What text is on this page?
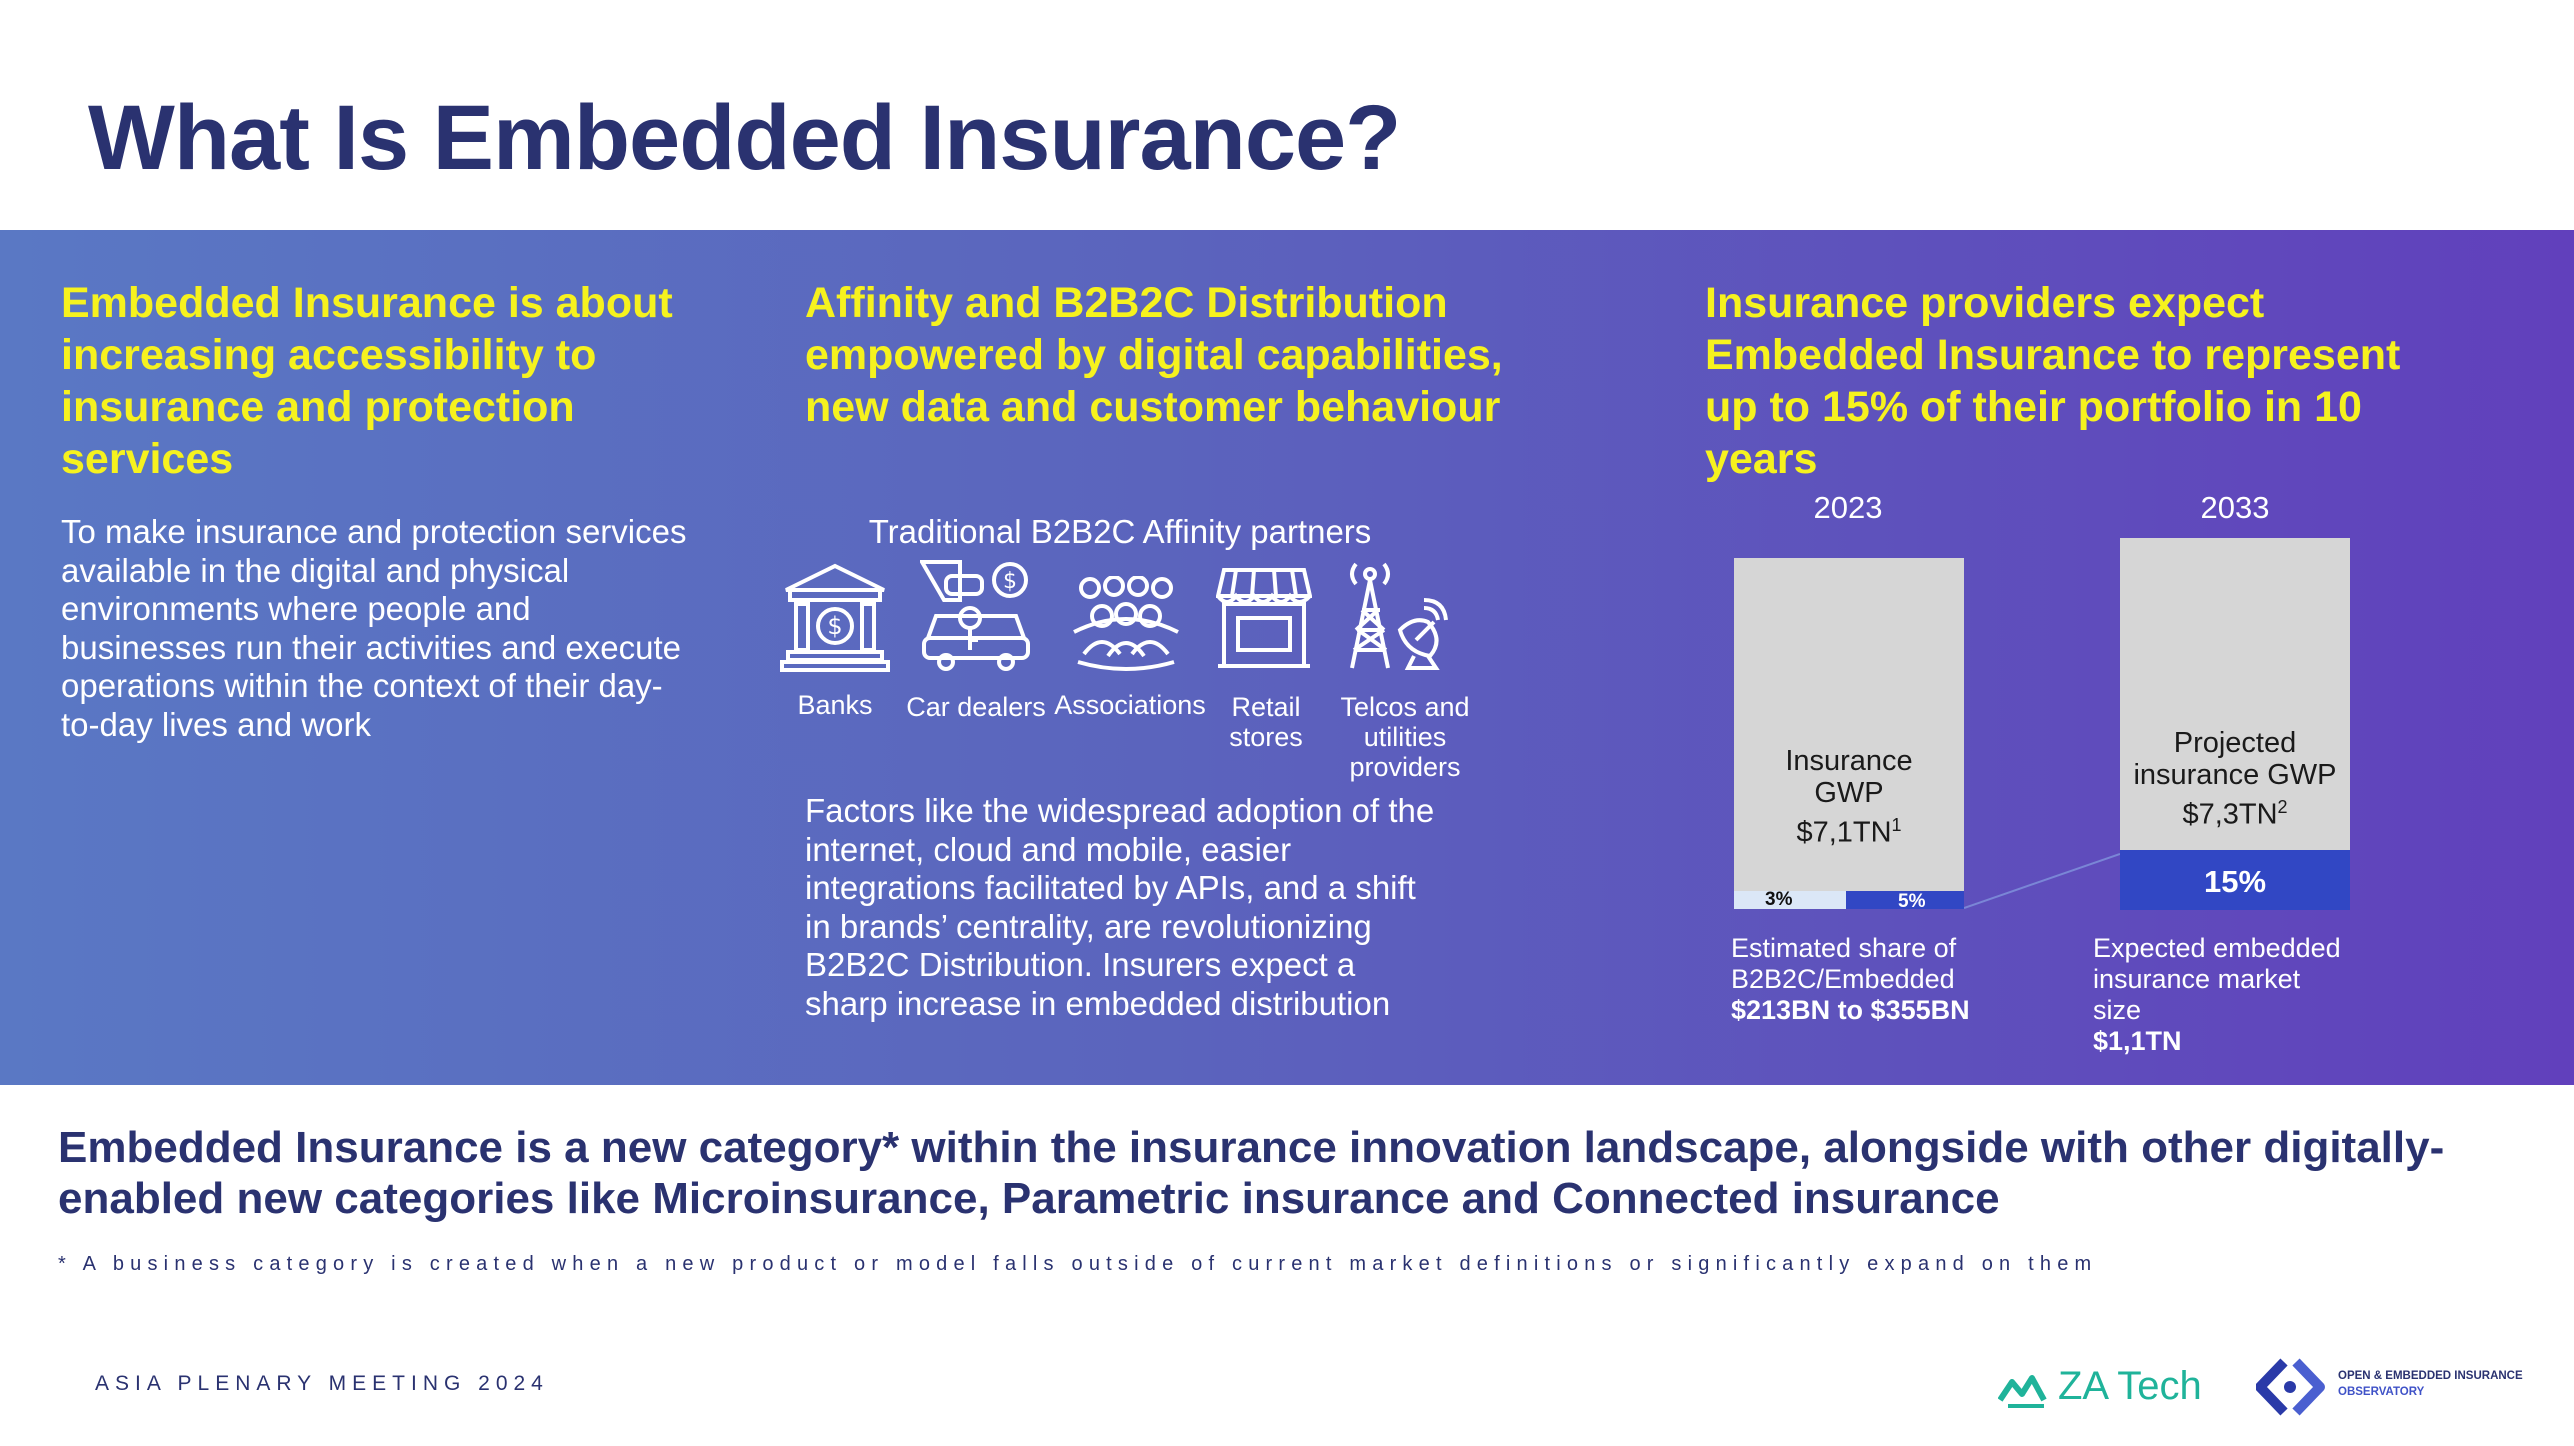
What Is Embedded Insurance?
Embedded Insurance is about increasing accessibility to insurance and protection services

To make insurance and protection services available in the digital and physical environments where people and businesses run their activities and execute operations within the context of their day-to-day lives and work

Affinity and B2B2C Distribution empowered by digital capabilities, new data and customer behaviour
Traditional B2B2C Affinity partners
$
Banks
$
Car dealers Associations Retail stores
Telcos and utilities providers

Factors like the widespread adoption of the internet, cloud and mobile, easier integrations facilitated by APIs, and a shift in brands’ centrality, are revolutionizing B2B2C Distribution. Insurers expect a sharp increase in embedded distribution

Insurance providers expect Embedded Insurance to represent up to 15% of their portfolio in 10 years
2023	2033
Insurance
GWP
$\$7,1TN^1$
3%	5%
Projected
insurance GWP
$\$7,3TN^2$
15%
Estimated share of
B2B2C/Embedded
$213BN to $355BN
Expected embedded
insurance market
size
$1,1TN
Embedded Insurance is a new category* within the insurance innovation landscape, alongside with other digitally-enabled new categories like Microinsurance, Parametric insurance and Connected insurance
* A business category is created when a new product or model falls outside of current market definitions or significantly expand on them
ASIA PLENARY MEETING 2024	ZA Tech	OPEN & EMBEDDED INSURANCE
OBSERVATORY
